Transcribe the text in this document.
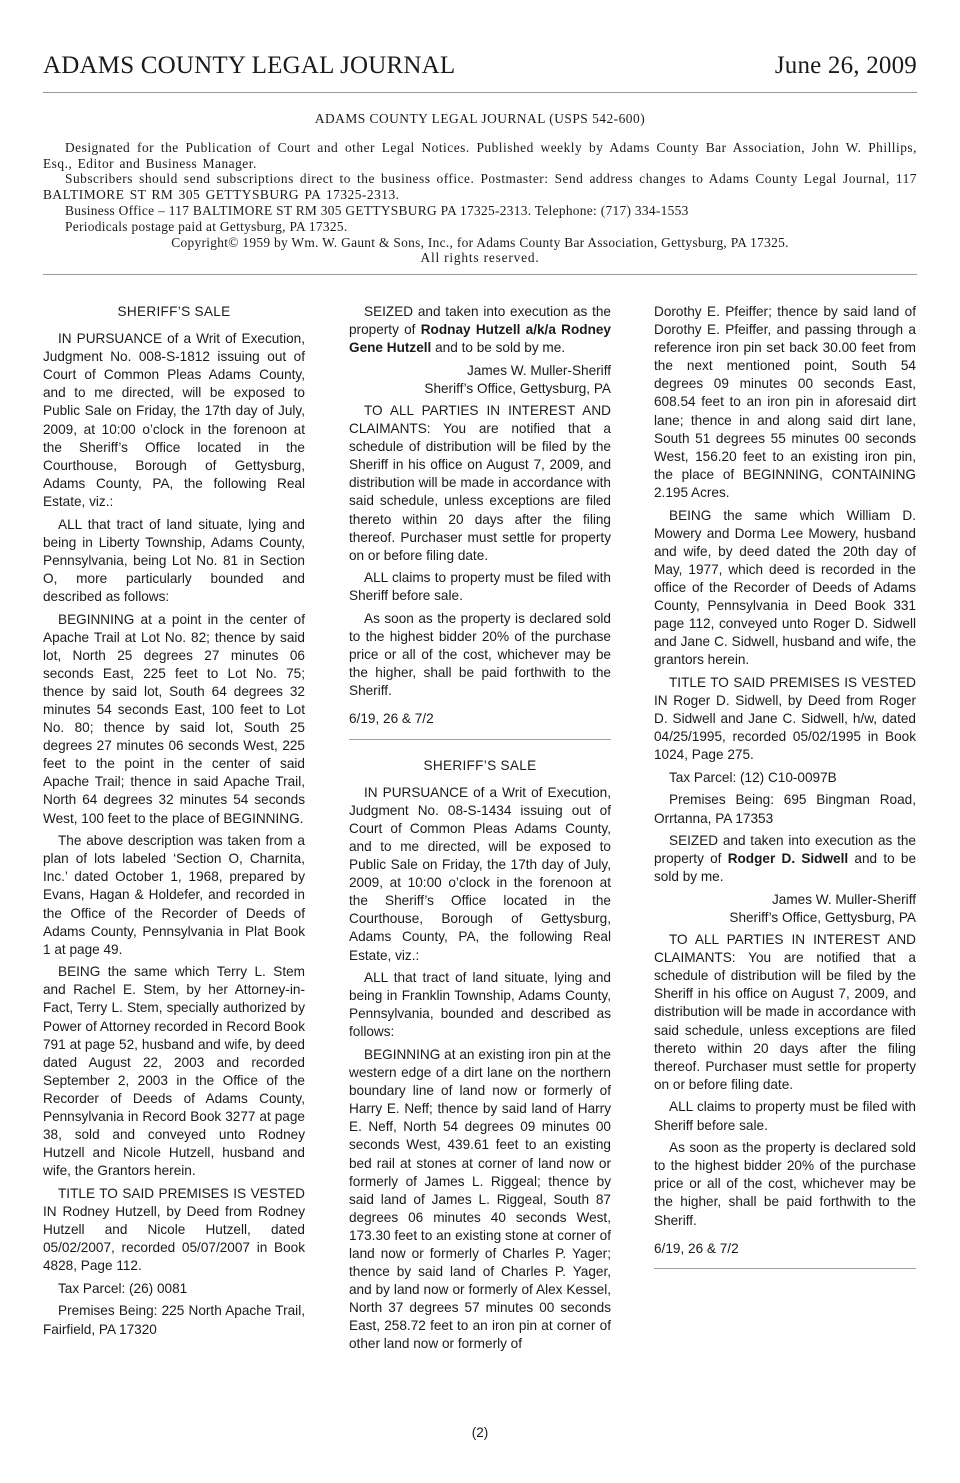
ADAMS COUNTY LEGAL JOURNAL	June 26, 2009
ADAMS COUNTY LEGAL JOURNAL (USPS 542-600)
Designated for the Publication of Court and other Legal Notices. Published weekly by Adams County Bar Association, John W. Phillips, Esq., Editor and Business Manager.
Subscribers should send subscriptions direct to the business office. Postmaster: Send address changes to Adams County Legal Journal, 117 BALTIMORE ST RM 305 GETTYSBURG PA 17325-2313.
Business Office – 117 BALTIMORE ST RM 305 GETTYSBURG PA 17325-2313. Telephone: (717) 334-1553
Periodicals postage paid at Gettysburg, PA 17325.
Copyright© 1959 by Wm. W. Gaunt & Sons, Inc., for Adams County Bar Association, Gettysburg, PA 17325.
All rights reserved.

SHERIFF’S SALE

IN PURSUANCE of a Writ of Execution, Judgment No. 008-S-1812 issuing out of Court of Common Pleas Adams County, and to me directed, will be exposed to Public Sale on Friday, the 17th day of July, 2009, at 10:00 o’clock in the forenoon at the Sheriff’s Office located in the Courthouse, Borough of Gettysburg, Adams County, PA, the following Real Estate, viz.:

ALL that tract of land situate, lying and being in Liberty Township, Adams County, Pennsylvania, being Lot No. 81 in Section O, more particularly bounded and described as follows:

BEGINNING at a point in the center of Apache Trail at Lot No. 82; thence by said lot, North 25 degrees 27 minutes 06 seconds East, 225 feet to Lot No. 75; thence by said lot, South 64 degrees 32 minutes 54 seconds East, 100 feet to Lot No. 80; thence by said lot, South 25 degrees 27 minutes 06 seconds West, 225 feet to the point in the center of said Apache Trail; thence in said Apache Trail, North 64 degrees 32 minutes 54 seconds West, 100 feet to the place of BEGINNING.

The above description was taken from a plan of lots labeled ‘Section O, Charnita, Inc.’ dated October 1, 1968, prepared by Evans, Hagan & Holdefer, and recorded in the Office of the Recorder of Deeds of Adams County, Pennsylvania in Plat Book 1 at page 49.

BEING the same which Terry L. Stem and Rachel E. Stem, by her Attorney-in-Fact, Terry L. Stem, specially authorized by Power of Attorney recorded in Record Book 791 at page 52, husband and wife, by deed dated August 22, 2003 and recorded September 2, 2003 in the Office of the Recorder of Deeds of Adams County, Pennsylvania in Record Book 3277 at page 38, sold and conveyed unto Rodney Hutzell and Nicole Hutzell, husband and wife, the Grantors herein.

TITLE TO SAID PREMISES IS VESTED IN Rodney Hutzell, by Deed from Rodney Hutzell and Nicole Hutzell, dated 05/02/2007, recorded 05/07/2007 in Book 4828, Page 112.

Tax Parcel: (26) 0081

Premises Being: 225 North Apache Trail, Fairfield, PA 17320

SEIZED and taken into execution as the property of Rodnay Hutzell a/k/a Rodney Gene Hutzell and to be sold by me.

James W. Muller-Sheriff

Sheriff’s Office, Gettysburg, PA

TO ALL PARTIES IN INTEREST AND CLAIMANTS: You are notified that a schedule of distribution will be filed by the Sheriff in his office on August 7, 2009, and distribution will be made in accordance with said schedule, unless exceptions are filed thereto within 20 days after the filing thereof. Purchaser must settle for property on or before filing date.

ALL claims to property must be filed with Sheriff before sale.

As soon as the property is declared sold to the highest bidder 20% of the purchase price or all of the cost, whichever may be the higher, shall be paid forthwith to the Sheriff.

6/19, 26 & 7/2

SHERIFF’S SALE

IN PURSUANCE of a Writ of Execution, Judgment No. 08-S-1434 issuing out of Court of Common Pleas Adams County, and to me directed, will be exposed to Public Sale on Friday, the 17th day of July, 2009, at 10:00 o’clock in the forenoon at the Sheriff’s Office located in the Courthouse, Borough of Gettysburg, Adams County, PA, the following Real Estate, viz.:

ALL that tract of land situate, lying and being in Franklin Township, Adams County, Pennsylvania, bounded and described as follows:

BEGINNING at an existing iron pin at the western edge of a dirt lane on the northern boundary line of land now or formerly of Harry E. Neff; thence by said land of Harry E. Neff, North 54 degrees 09 minutes 00 seconds West, 439.61 feet to an existing bed rail at stones at corner of land now or formerly of James L. Riggeal; thence by said land of James L. Riggeal, South 87 degrees 06 minutes 40 seconds West, 173.30 feet to an existing stone at corner of land now or formerly of Charles P. Yager; thence by said land of Charles P. Yager, and by land now or formerly of Alex Kessel, North 37 degrees 57 minutes 00 seconds East, 258.72 feet to an iron pin at corner of other land now or formerly of

Dorothy E. Pfeiffer; thence by said land of Dorothy E. Pfeiffer, and passing through a reference iron pin set back 30.00 feet from the next mentioned point, South 54 degrees 09 minutes 00 seconds East, 608.54 feet to an iron pin in aforesaid dirt lane; thence in and along said dirt lane, South 51 degrees 55 minutes 00 seconds West, 156.20 feet to an existing iron pin, the place of BEGINNING, CONTAINING 2.195 Acres.

BEING the same which William D. Mowery and Dorma Lee Mowery, husband and wife, by deed dated the 20th day of May, 1977, which deed is recorded in the office of the Recorder of Deeds of Adams County, Pennsylvania in Deed Book 331 page 112, conveyed unto Roger D. Sidwell and Jane C. Sidwell, husband and wife, the grantors herein.

TITLE TO SAID PREMISES IS VESTED IN Roger D. Sidwell, by Deed from Roger D. Sidwell and Jane C. Sidwell, h/w, dated 04/25/1995, recorded 05/02/1995 in Book 1024, Page 275.

Tax Parcel: (12) C10-0097B

Premises Being: 695 Bingman Road, Orrtanna, PA 17353

SEIZED and taken into execution as the property of Rodger D. Sidwell and to be sold by me.

James W. Muller-Sheriff

Sheriff’s Office, Gettysburg, PA

TO ALL PARTIES IN INTEREST AND CLAIMANTS: You are notified that a schedule of distribution will be filed by the Sheriff in his office on August 7, 2009, and distribution will be made in accordance with said schedule, unless exceptions are filed thereto within 20 days after the filing thereof. Purchaser must settle for property on or before filing date.

ALL claims to property must be filed with Sheriff before sale.

As soon as the property is declared sold to the highest bidder 20% of the purchase price or all of the cost, whichever may be the higher, shall be paid forthwith to the Sheriff.

6/19, 26 & 7/2

(2)
